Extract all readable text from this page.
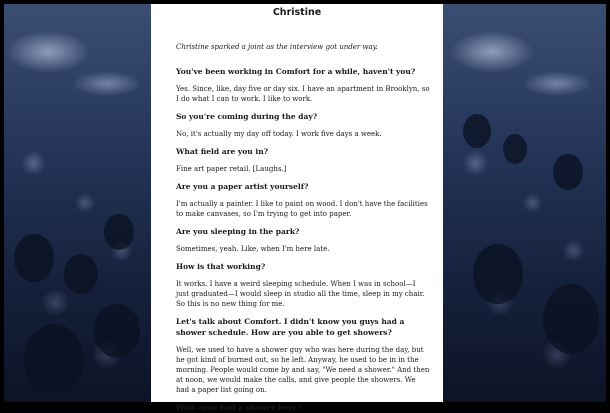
Christine
Christine sparked a joint as the interview got under way.
You've been working in Comfort for a while, haven't you?
Yes. Since, like, day five or day six. I have an apartment in Brooklyn, so I do what I can to work. I like to work.
So you're coming during the day?
No, it's actually my day off today. I work five days a week.
What field are you in?
Fine art paper retail. [Laughs.]
Are you a paper artist yourself?
I'm actually a painter. I like to paint on wood. I don't have the facilities to make canvases, so I'm trying to get into paper.
Are you sleeping in the park?
Sometimes, yeah. Like, when I'm here late.
How is that working?
It works. I have a weird sleeping schedule. When I was in school—I just graduated—I would sleep in studio all the time, sleep in my chair. So this is no new thing for me.
Let's talk about Comfort. I didn't know you guys had a shower schedule. How are you able to get showers?
Well, we used to have a shower guy who was here during the day, but he got kind of burned out, so he left. Anyway, he used to be in in the morning. People would come by and say, "We need a shower." And then at noon, we would make the calls, and give people the showers. We had a paper list going on.
Wait—you had a shower here?
